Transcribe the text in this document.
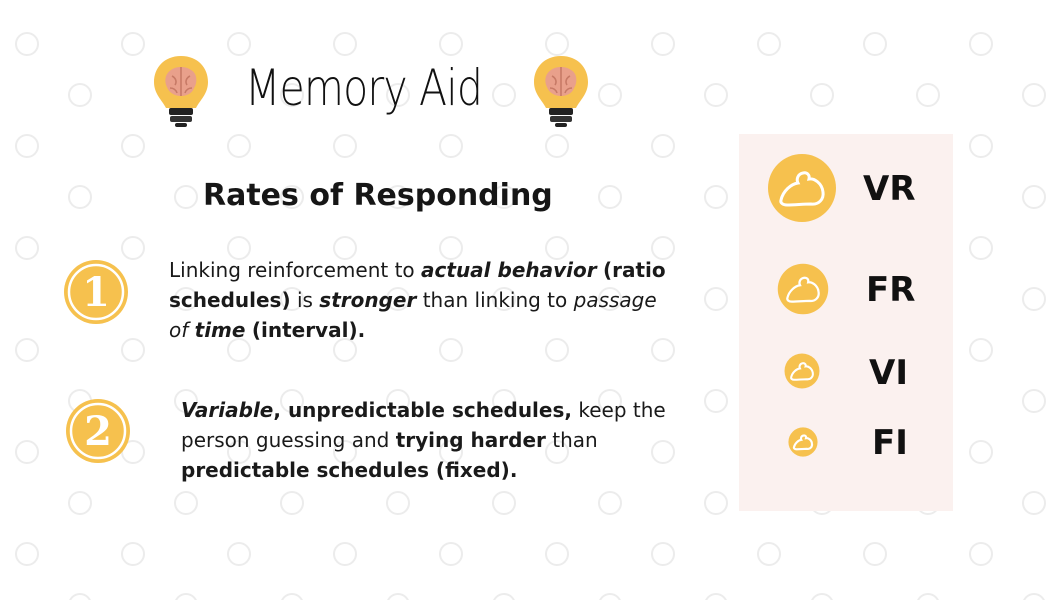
Memory Aid
Rates of Responding
1	Linking reinforcement to actual behavior (ratio schedules) is stronger than linking to passage of time (interval).
2	Variable, unpredictable schedules, keep the person guessing and trying harder than predictable schedules (fixed).
VR
FR
VI
FI
